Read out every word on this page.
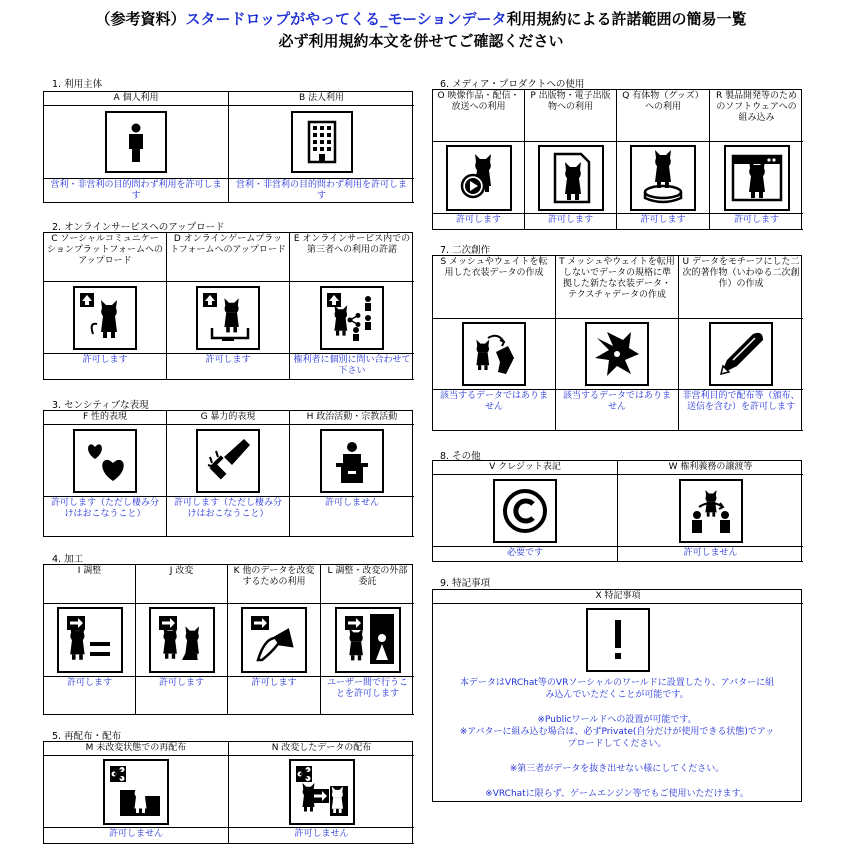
（参考資料）スタードロップがやってくる_モーションデータ利用規約による許諾範囲の簡易一覧
必ず利用規約本文を併せてご確認ください
1. 利用主体
A 個人利用
営利・非営利の目的問わず利用を許可します
B 法人利用
営利・非営利の目的問わず利用を許可します
2. オンラインサービスへのアップロード
C ソーシャルコミュニケーションプラットフォームへのアップロード
許可します
D オンラインゲームプラットフォームへのアップロード
許可します
E オンラインサービス内での第三者への利用の許諾
権利者に個別に問い合わせて下さい
3. センシティブな表現
F 性的表現
許可します（ただし棲み分けはおこなうこと）
G 暴力的表現
許可します（ただし棲み分けはおこなうこと）
H 政治活動・宗教活動
許可しません
4. 加工
I 調整
許可します
J 改変
許可します
K 他のデータを改変するための利用
許可します
L 調整・改変の外部委託
ユーザー間で行うことを許可します
5. 再配布・配布
M 未改変状態での再配布
許可しません
N 改変したデータの配布
許可しません
6. メディア・プロダクトへの使用
O 映像作品・配信・放送への利用
許可します
P 出版物・電子出版物への利用
許可します
Q 有体物（グッズ）への利用
許可します
R 製品開発等のためのソフトウェアへの組み込み
許可します
7. 二次創作
S メッシュやウェイトを転用した衣装データの作成
該当するデータではありません
T メッシュやウェイトを転用しないでデータの規格に準拠した新たな衣装データ・テクスチャデータの作成
該当するデータではありません
U データをモチーフにした二次的著作物（いわゆる二次創作）の作成
非営利目的で配布等（頒布、送信を含む）を許可します
8. その他
V クレジット表記
必要です
W 権利義務の譲渡等
許可しません
9. 特記事項
X 特記事項

本データはVRChat等のVRソーシャルのワールドに設置したり、アバターに組み込んでいただくことが可能です。

※Publicワールドへの設置が可能です。

※アバターに組み込む場合は、必ずPrivate(自分だけが使用できる状態)でアップロードしてください。

※第三者がデータを抜き出せない様にしてください。

※VRChatに限らず、ゲームエンジン等でもご使用いただけます。
